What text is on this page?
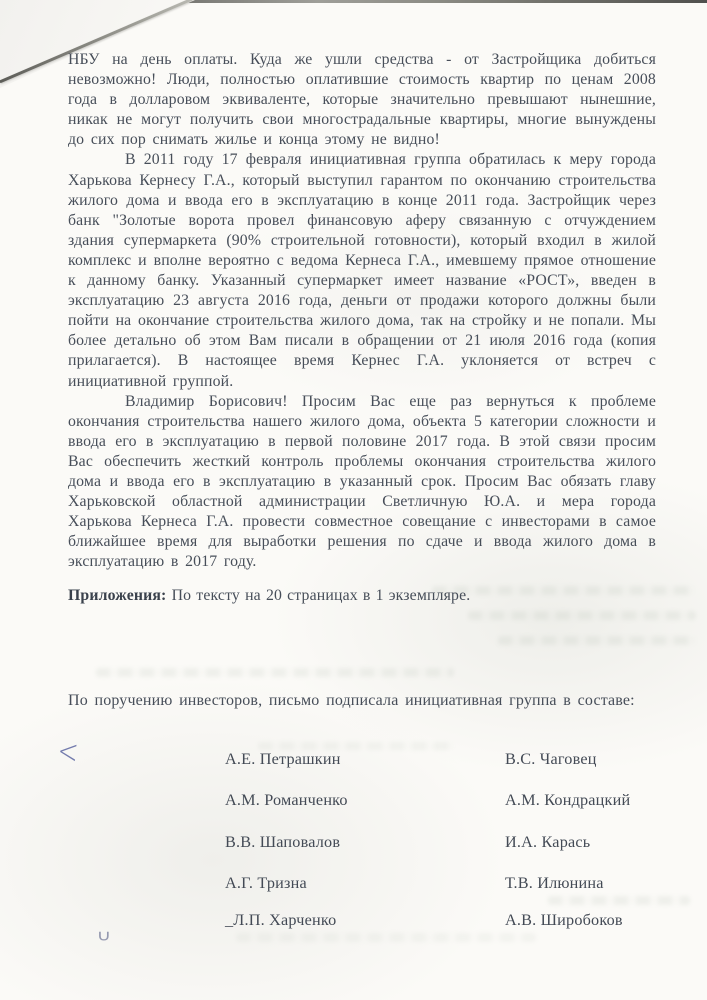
НБУ на день оплаты. Куда же ушли средства - от Застройщика добиться невозможно! Люди, полностью оплатившие стоимость квартир по ценам 2008 года в долларовом эквиваленте, которые значительно превышают нынешние, никак не могут получить свои многострадальные квартиры, многие вынуждены до сих пор снимать жилье и конца этому не видно!

В 2011 году 17 февраля инициативная группа обратилась к меру города Харькова Кернесу Г.А., который выступил гарантом по окончанию строительства жилого дома и ввода его в эксплуатацию в конце 2011 года. Застройщик через банк "Золотые ворота провел финансовую аферу связанную с отчуждением здания супермаркета (90% строительной готовности), который входил в жилой комплекс и вполне вероятно с ведома Кернеса Г.А., имевшему прямое отношение к данному банку. Указанный супермаркет имеет название «РОСТ», введен в эксплуатацию 23 августа 2016 года, деньги от продажи которого должны были пойти на окончание строительства жилого дома, так на стройку и не попали. Мы более детально об этом Вам писали в обращении от 21 июля 2016 года (копия прилагается). В настоящее время Кернес Г.А. уклоняется от встреч с инициативной группой.

Владимир Борисович! Просим Вас еще раз вернуться к проблеме окончания строительства нашего жилого дома, объекта 5 категории сложности и ввода его в эксплуатацию в первой половине 2017 года. В этой связи просим Вас обеспечить жесткий контроль проблемы окончания строительства жилого дома и ввода его в эксплуатацию в указанный срок. Просим Вас обязать главу Харьковской областной администрации Светличную Ю.А. и мера города Харькова Кернеса Г.А. провести совместное совещание с инвесторами в самое ближайшее время для выработки решения по сдаче и ввода жилого дома в эксплуатацию в 2017 году.

Приложения: По тексту на 20 страницах в 1 экземпляре.

По поручению инвесторов, письмо подписала инициативная группа в составе:

А.Е. Петрашкин	В.С. Чаговец
А.М. Романченко	А.М. Кондрацкий
В.В. Шаповалов	И.А. Карась
А.Г. Тризна	Т.В. Илюнина
_Л.П. Харченко	А.В. Широбоков
<
∪
